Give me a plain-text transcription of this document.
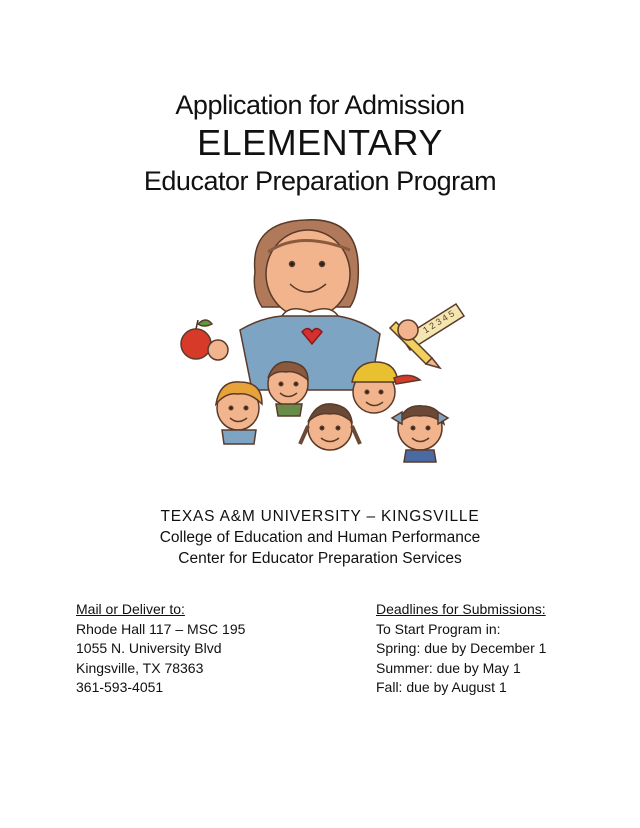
Application for Admission
ELEMENTARY
Educator Preparation Program
1 2 3 4 5
TEXAS A&M UNIVERSITY – KINGSVILLE
College of Education and Human Performance
Center for Educator Preparation Services
Mail or Deliver to:
Rhode Hall 117 – MSC 195
1055 N. University Blvd
Kingsville, TX 78363
361-593-4051
Deadlines for Submissions:
To Start Program in:
Spring: due by December 1
Summer: due by May 1
Fall: due by August 1
